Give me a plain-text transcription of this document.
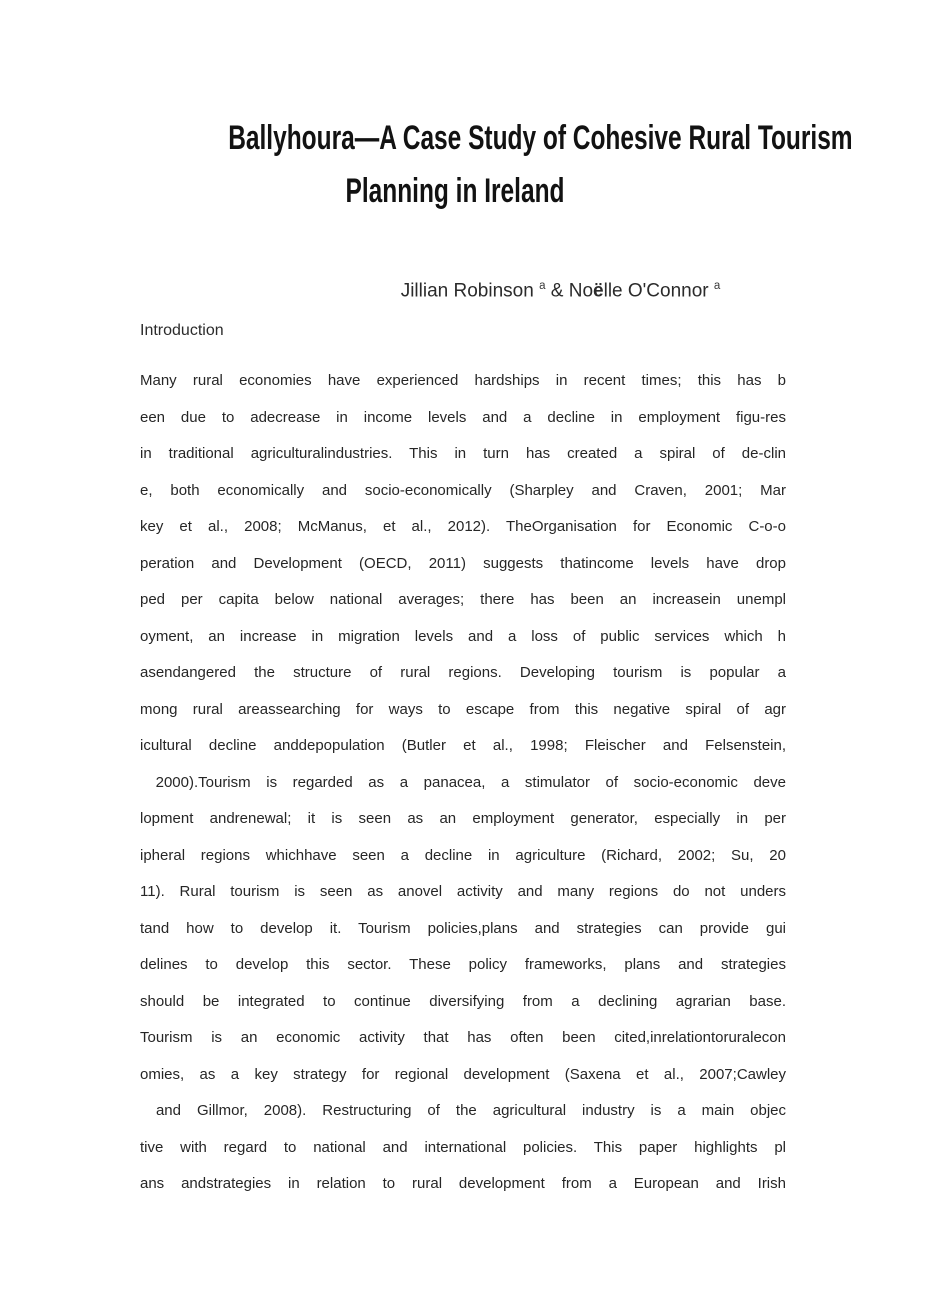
Ballyhoura—A Case Study of Cohesive Rural Tourism
Planning in Ireland
Jillian Robinson $^a$ & Noëlle O'Connor $^a$
Introduction
Many rural economies have experienced hardships in recent times; this has b
een due to adecrease in income levels and a decline in employment figu-res
in traditional agriculturalindustries. This in turn has created a spiral of de-clin
e, both economically and socio-economically (Sharpley and Craven, 2001; Mar
key et al., 2008; McManus, et al., 2012). TheOrganisation for Economic C-o-o
peration and Development (OECD, 2011) suggests thatincome levels have drop
ped per capita below national averages; there has been an increasein unempl
oyment, an increase in migration levels and a loss of public services which h
asendangered the structure of rural regions. Developing tourism is popular a
mong rural areassearching for ways to escape from this negative spiral of agr
icultural decline anddepopulation (Butler et al., 1998; Fleischer and Felsenstein,
2000).Tourism is regarded as a panacea, a stimulator of socio-economic deve
lopment andrenewal; it is seen as an employment generator, especially in per
ipheral regions whichhave seen a decline in agriculture (Richard, 2002; Su, 20
11). Rural tourism is seen as anovel activity and many regions do not unders
tand how to develop it. Tourism policies,plans and strategies can provide gui
delines to develop this sector. These policy frameworks, plans and strategies
should be integrated to continue diversifying from a declining agrarian base.
Tourism is an economic activity that has often been cited,inrelationtoruralecon
omies, as a key strategy for regional development (Saxena et al., 2007;Cawley
and Gillmor, 2008). Restructuring of the agricultural industry is a main objec
tive with regard to national and international policies. This paper highlights pl
ans andstrategies in relation to rural development from a European and Irish
